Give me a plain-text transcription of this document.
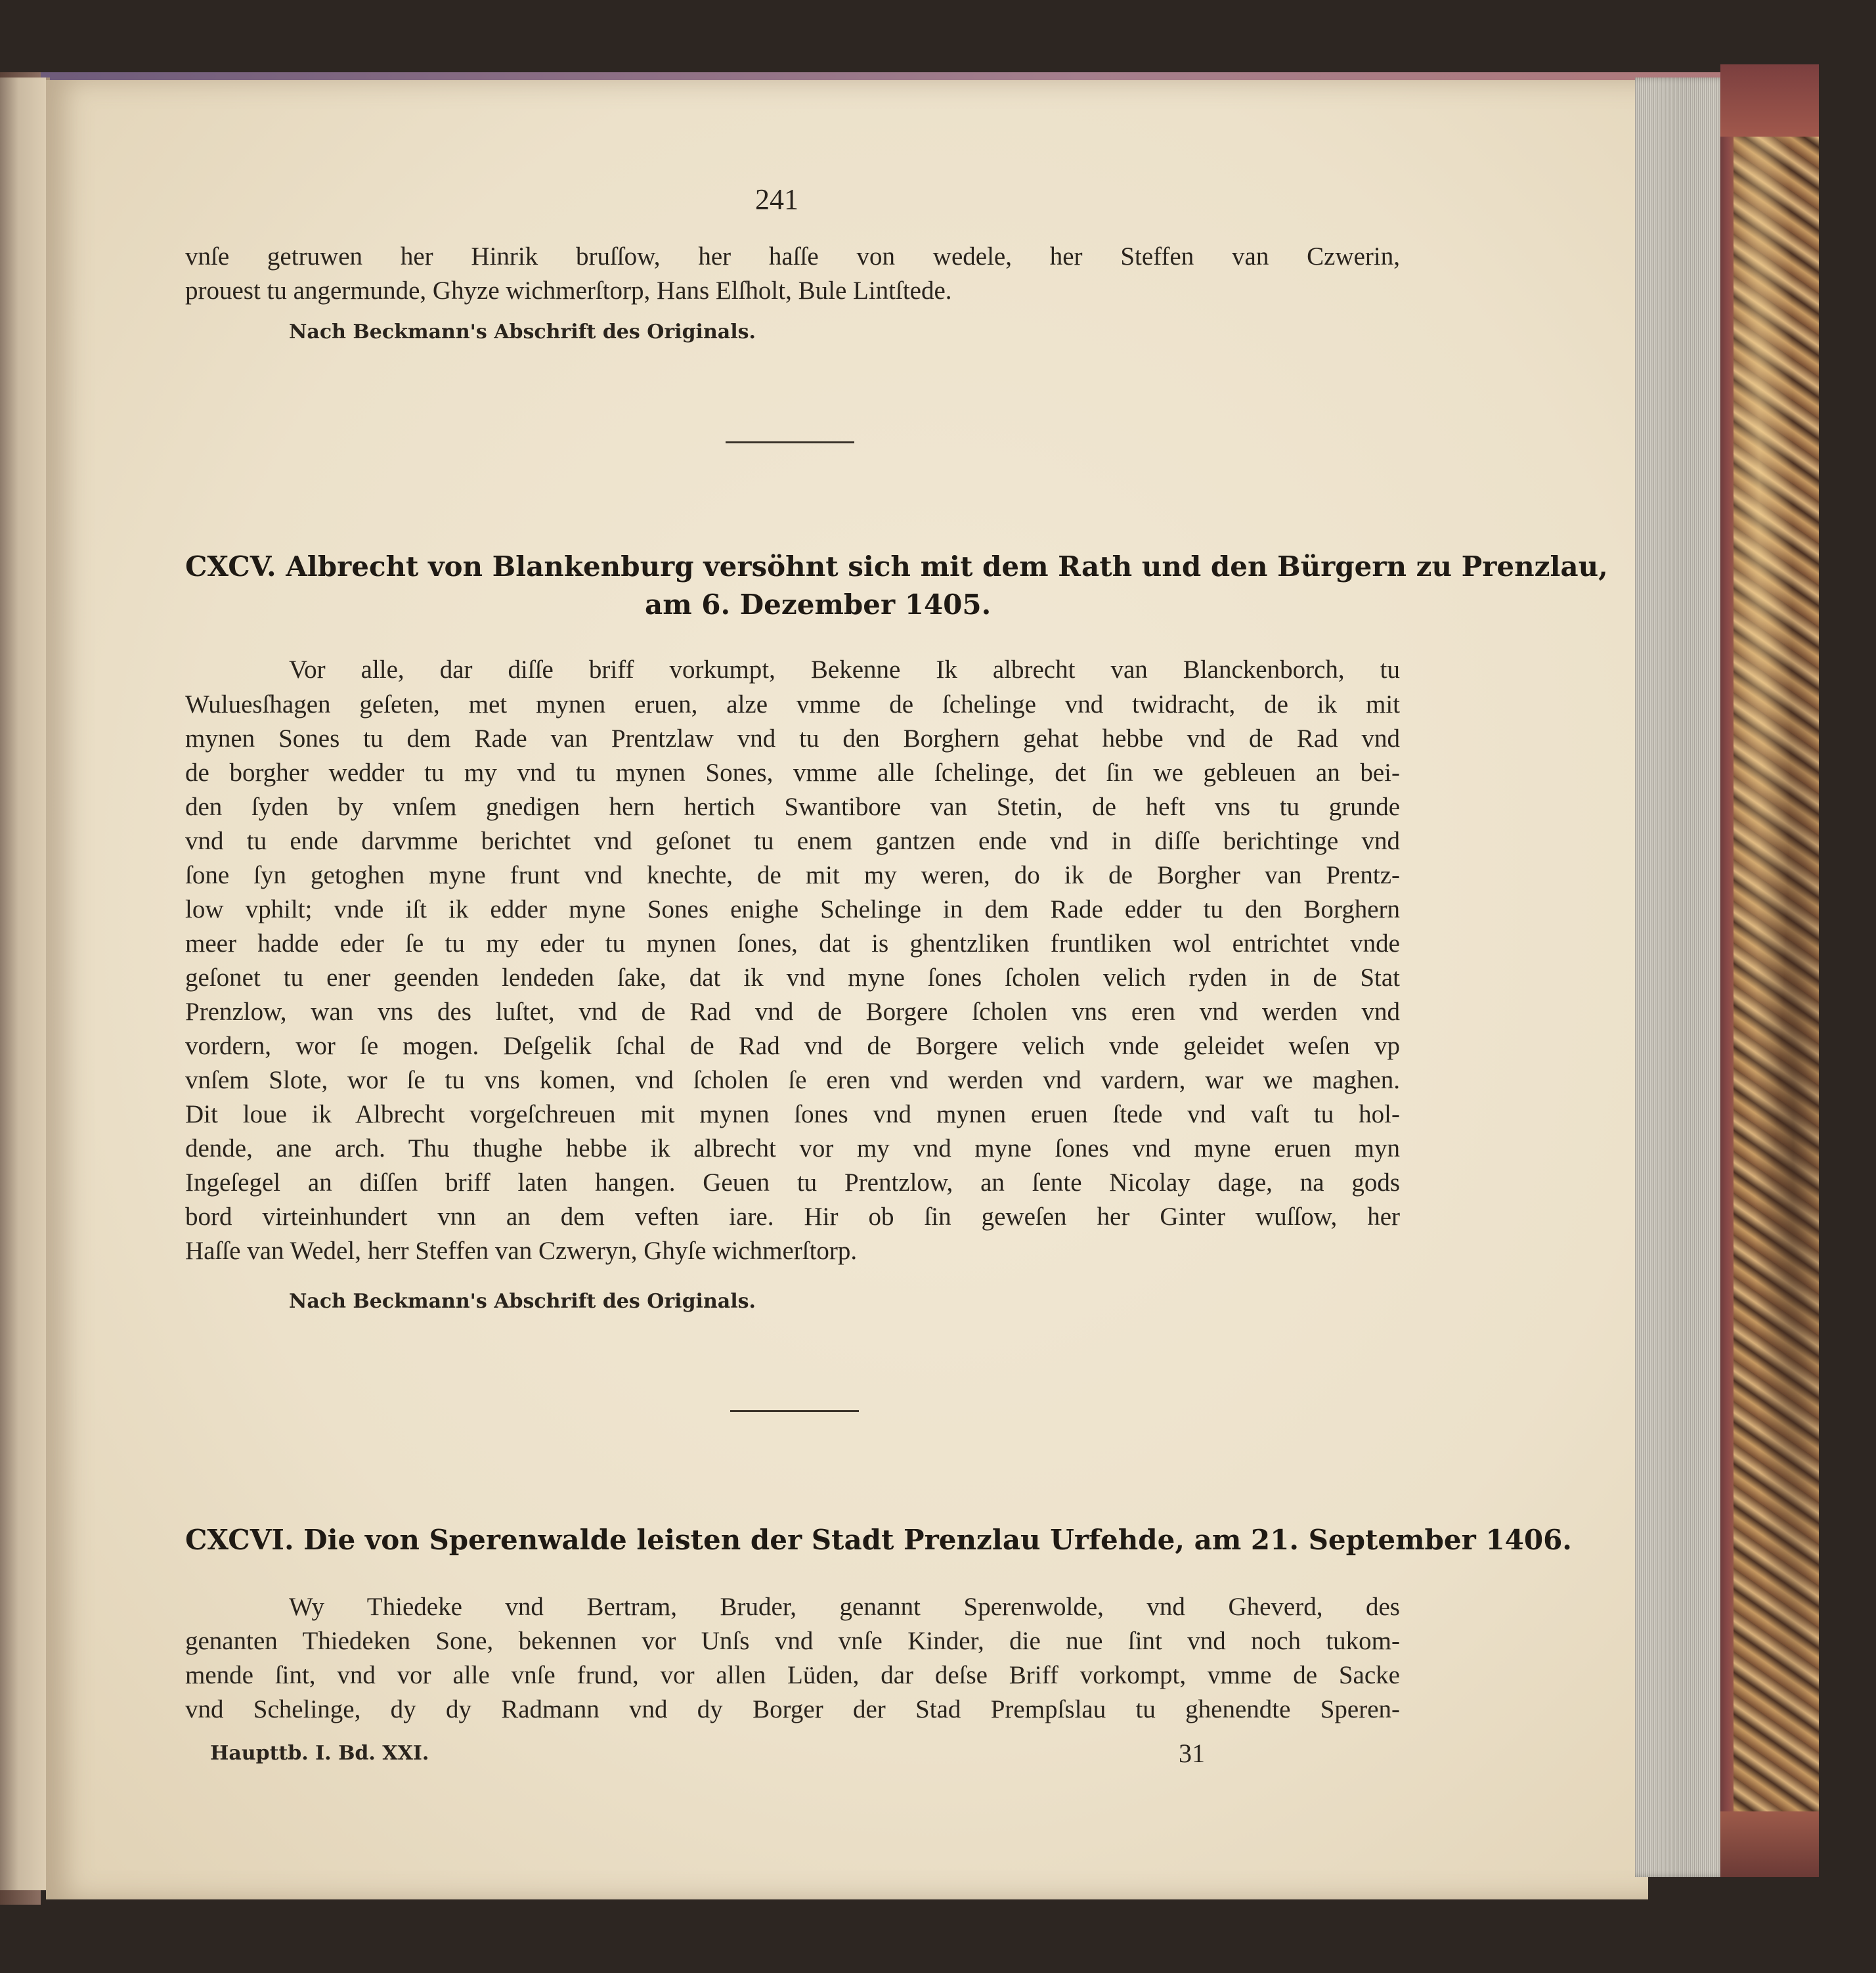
241
vnſe getruwen her Hinrik bruſſow, her haſſe von wedele, her Steffen van Czwerin,
prouest tu angermunde, Ghyze wichmerſtorp, Hans Elſholt, Bule Lintſtede.
Nach Beckmann's Abschrift des Originals.
CXCV. Albrecht von Blankenburg versöhnt sich mit dem Rath und den Bürgern zu Prenzlau,
am 6. Dezember 1405.
Vor alle, dar diſſe briff vorkumpt, Bekenne Ik albrecht van Blanckenborch, tu
Wuluesſhagen geſeten, met mynen eruen, alze vmme de ſchelinge vnd twidracht, de ik mit
mynen Sones tu dem Rade van Prentzlaw vnd tu den Borghern gehat hebbe vnd de Rad vnd
de borgher wedder tu my vnd tu mynen Sones, vmme alle ſchelinge, det ſin we gebleuen an bei-
den ſyden by vnſem gnedigen hern hertich Swantibore van Stetin, de heft vns tu grunde
vnd tu ende darvmme berichtet vnd geſonet tu enem gantzen ende vnd in diſſe berichtinge vnd
ſone ſyn getoghen myne frunt vnd knechte, de mit my weren, do ik de Borgher van Prentz-
low vphilt; vnde iſt ik edder myne Sones enighe Schelinge in dem Rade edder tu den Borghern
meer hadde eder ſe tu my eder tu mynen ſones, dat is ghentzliken fruntliken wol entrichtet vnde
geſonet tu ener geenden lendeden ſake, dat ik vnd myne ſones ſcholen velich ryden in de Stat
Prenzlow, wan vns des luſtet, vnd de Rad vnd de Borgere ſcholen vns eren vnd werden vnd
vordern, wor ſe mogen. Deſgelik ſchal de Rad vnd de Borgere velich vnde geleidet weſen vp
vnſem Slote, wor ſe tu vns komen, vnd ſcholen ſe eren vnd werden vnd vardern, war we maghen.
Dit loue ik Albrecht vorgeſchreuen mit mynen ſones vnd mynen eruen ſtede vnd vaſt tu hol-
dende, ane arch. Thu thughe hebbe ik albrecht vor my vnd myne ſones vnd myne eruen myn
Ingeſegel an diſſen briff laten hangen. Geuen tu Prentzlow, an ſente Nicolay dage, na gods
bord virteinhundert vnn an dem veften iare. Hir ob ſin geweſen her Ginter wuſſow, her
Haſſe van Wedel, herr Steffen van Czweryn, Ghyſe wichmerſtorp.
Nach Beckmann's Abschrift des Originals.
CXCVI. Die von Sperenwalde leisten der Stadt Prenzlau Urfehde, am 21. September 1406.
Wy Thiedeke vnd Bertram, Bruder, genannt Sperenwolde, vnd Gheverd, des
genanten Thiedeken Sone, bekennen vor Unſs vnd vnſe Kinder, die nue ſint vnd noch tukom-
mende ſint, vnd vor alle vnſe frund, vor allen Lüden, dar deſse Briff vorkompt, vmme de Sacke
vnd Schelinge, dy dy Radmann vnd dy Borger der Stad Prempſslau tu ghenendte Speren-
Haupttb. I. Bd. XXI.	31
